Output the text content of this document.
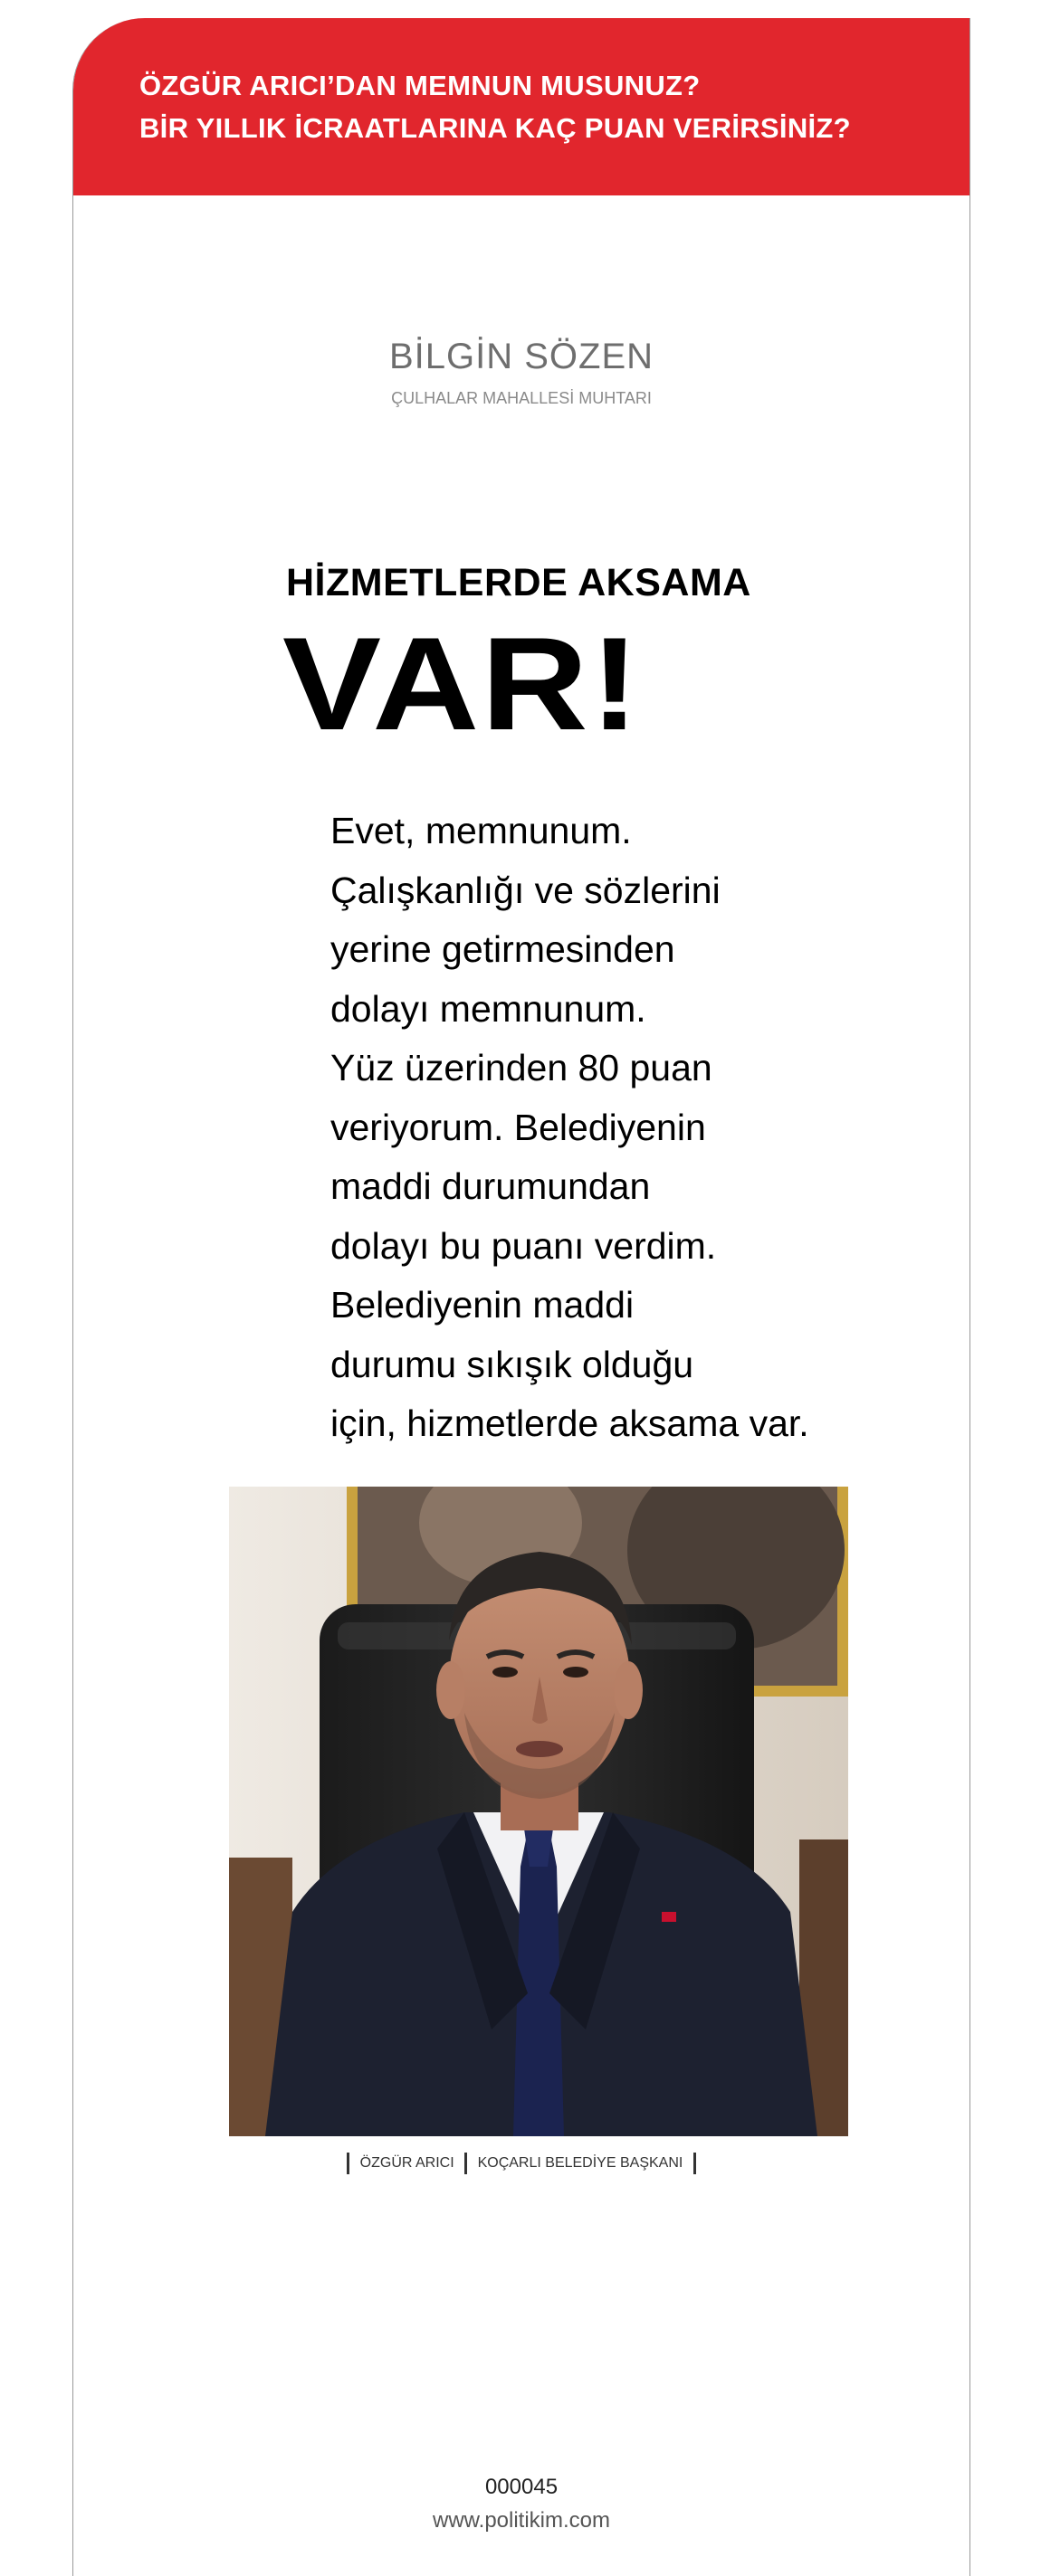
ÖZGÜR ARICI’DAN MEMNUN MUSUNUZ?
BİR YILLIK İCRAATLARINA KAÇ PUAN VERİRSİNİZ?
BİLGİN SÖZEN
ÇULHALAR MAHALLESİ MUHTARI
HİZMETLERDE AKSAMA
VAR!
Evet, memnunum.
Çalışkanlığı ve sözlerini
yerine getirmesinden
dolayı memnunum.
Yüz üzerinden 80 puan
veriyorum. Belediyenin
maddi durumundan
dolayı bu puanı verdim.
Belediyenin maddi
durumu sıkışık olduğu
için, hizmetlerde aksama var.
ÖZGÜR ARICI KOÇARLI BELEDİYE BAŞKANI
000045
www.politikim.com
